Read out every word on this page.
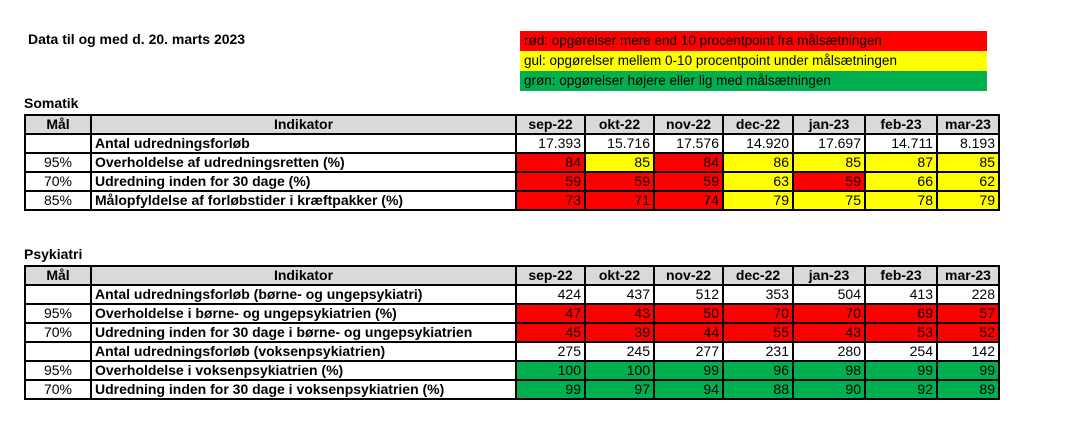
Data til og med d. 20. marts 2023	rød: opgørelser mere end 10 procentpoint fra målsætningen
gul: opgørelser mellem 0-10 procentpoint under målsætningen
grøn: opgørelser højere eller lig med målsætningen
Somatik
Mål	Indikator	sep-22	okt-22	nov-22	dec-22	jan-23	feb-23	mar-23
	Antal udredningsforløb	17.393	15.716	17.576	14.920	17.697	14.711	8.193
95%	Overholdelse af udredningsretten (%)	84	85	84	86	85	87	85
70%	Udredning inden for 30 dage (%)	59	59	59	63	59	66	62
85%	Målopfyldelse af forløbstider i kræftpakker (%)	73	71	74	79	75	78	79
Psykiatri
Mål	Indikator	sep-22	okt-22	nov-22	dec-22	jan-23	feb-23	mar-23
	Antal udredningsforløb (børne- og ungepsykiatri)	424	437	512	353	504	413	228
95%	Overholdelse i børne- og ungepsykiatrien (%)	47	43	50	70	70	69	57
70%	Udredning inden for 30 dage i børne- og ungepsykiatrien	45	39	44	55	43	53	52
	Antal udredningsforløb (voksenpsykiatrien)	275	245	277	231	280	254	142
95%	Overholdelse i voksenpsykiatrien (%)	100	100	99	96	98	99	99
70%	Udredning inden for 30 dage i voksenpsykiatrien (%)	99	97	94	88	90	92	89
